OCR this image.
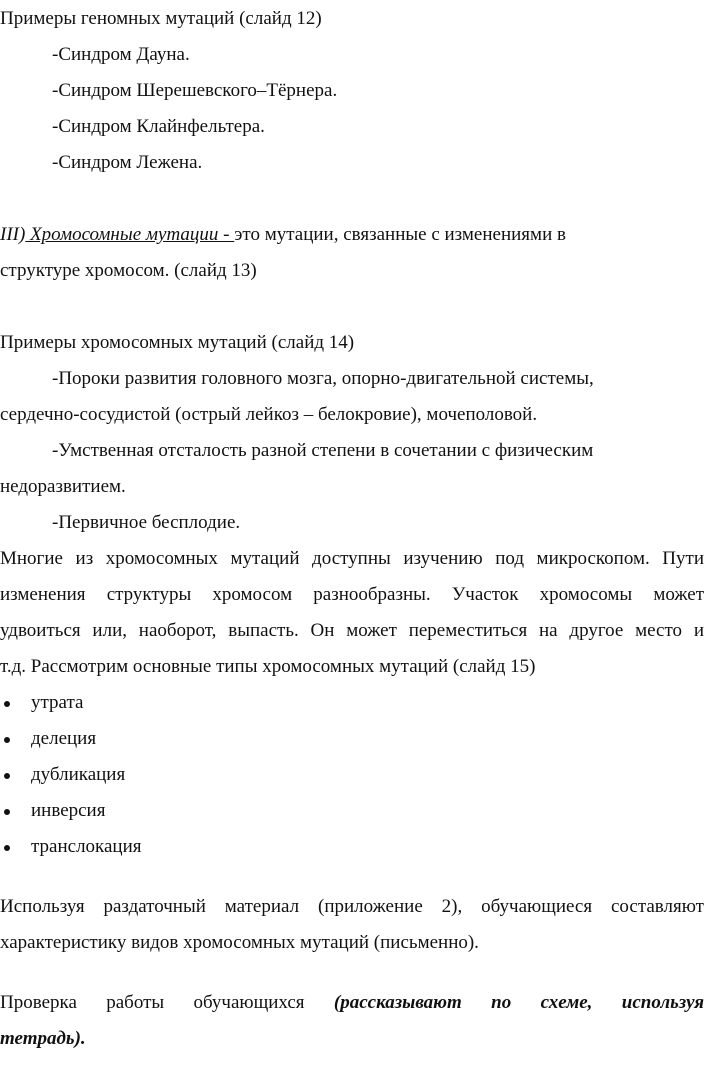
Примеры геномных мутаций (слайд 12)
-Синдром Дауна.
-Синдром Шерешевского–Тёрнера.
-Синдром Клайнфельтера.
-Синдром Лежена.
III) Хромосомные мутации - это мутации, связанные с изменениями в
структуре хромосом. (слайд 13)
Примеры хромосомных мутаций (слайд 14)
-Пороки развития головного мозга, опорно-двигательной системы,
сердечно-сосудистой (острый лейкоз – белокровие), мочеполовой.
-Умственная отсталость разной степени в сочетании с физическим
недоразвитием.
-Первичное бесплодие.
Многие из хромосомных мутаций доступны изучению под микроскопом. Пути
изменения структуры хромосом разнообразны. Участок хромосомы может
удвоиться или, наоборот, выпасть. Он может переместиться на другое место и
т.д. Рассмотрим основные типы хромосомных мутаций (слайд 15)
утрата
делеция
дубликация
инверсия
транслокация
Используя раздаточный материал (приложение 2), обучающиеся составляют
характеристику видов хромосомных мутаций (письменно).
Проверка работы обучающихся (рассказывают по схеме, используя
тетрадь).
